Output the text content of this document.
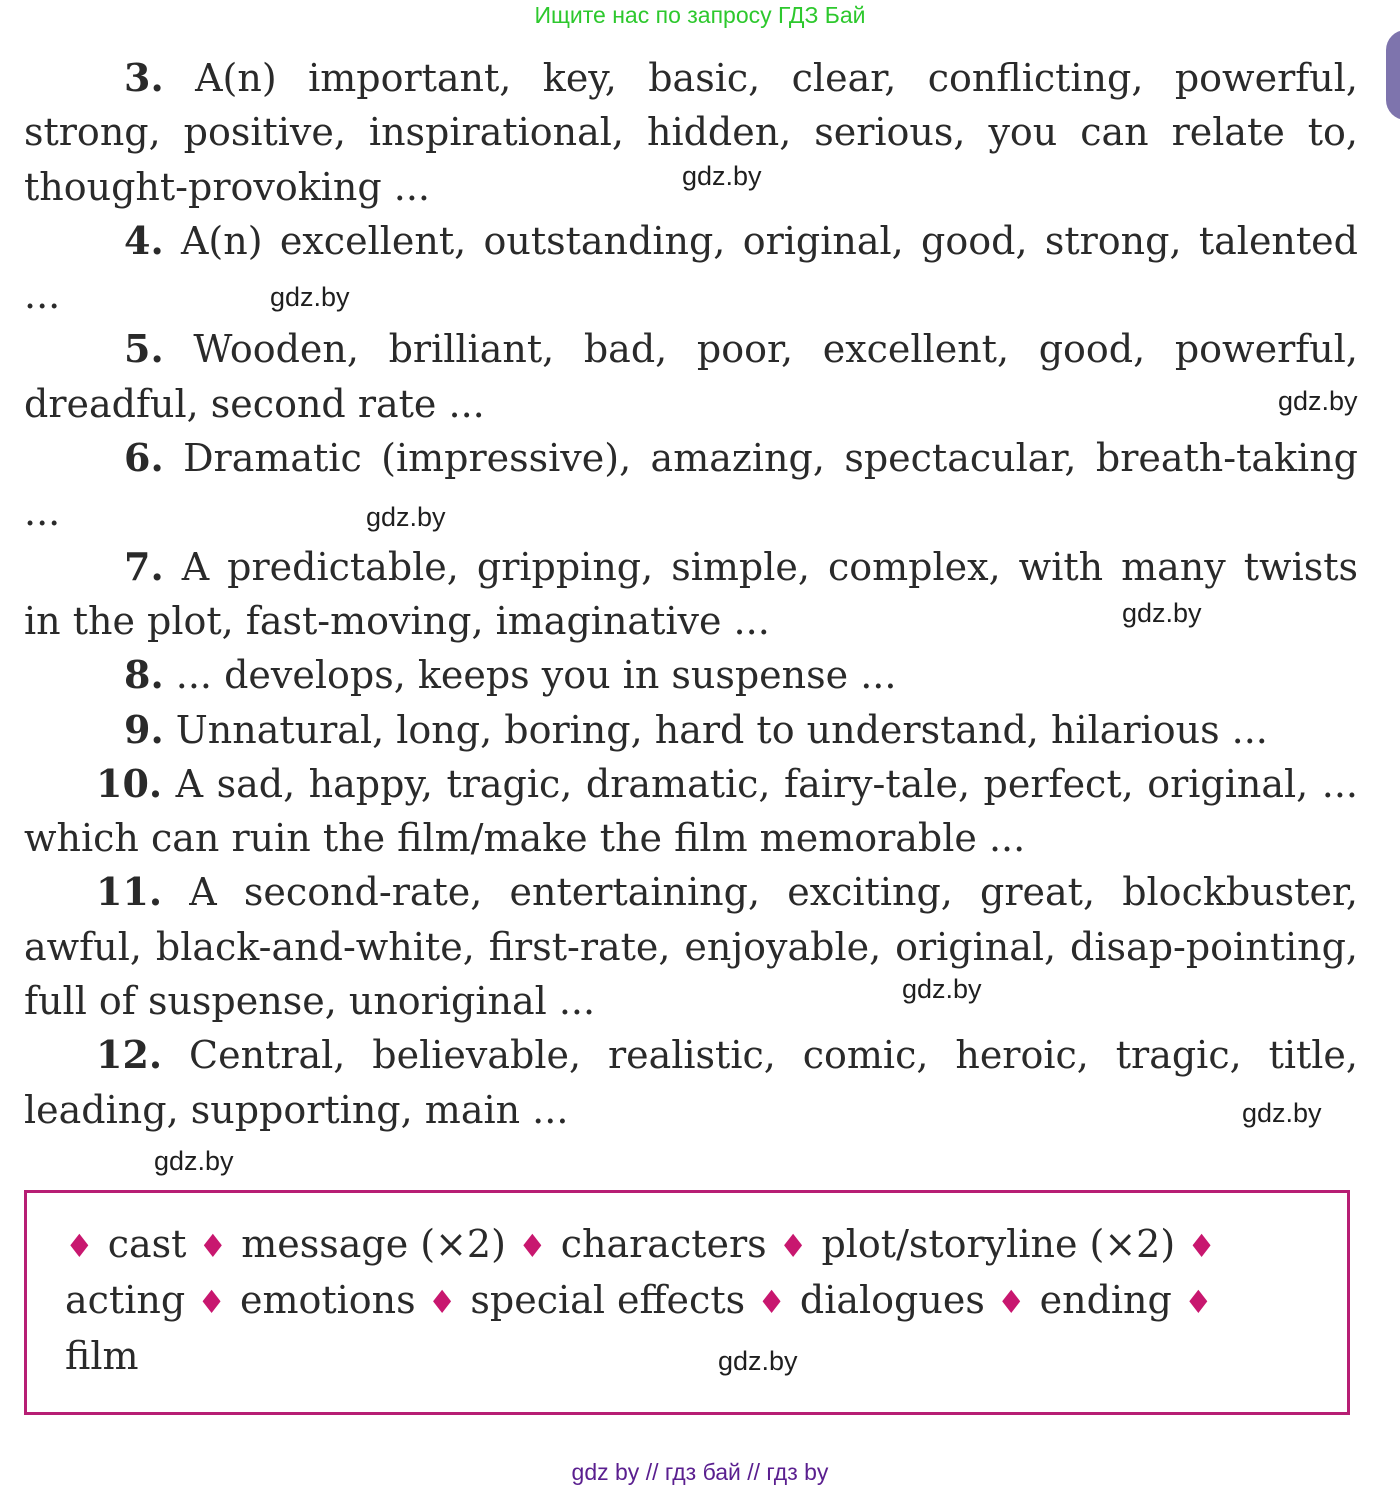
Ищите нас по запросу ГДЗ Бай

3. A(n) important, key, basic, clear, conflicting, powerful, strong, positive, inspirational, hidden, serious, you can relate to, thought-provoking ...

4. A(n) excellent, outstanding, original, good, strong, talented ...

5. Wooden, brilliant, bad, poor, excellent, good, powerful, dreadful, second rate ...

6. Dramatic (impressive), amazing, spectacular, breath-taking ...

7. A predictable, gripping, simple, complex, with many twists in the plot, fast-moving, imaginative ...

8. ... develops, keeps you in suspense ...

9. Unnatural, long, boring, hard to understand, hilarious ...

10. A sad, happy, tragic, dramatic, fairy-tale, perfect, original, ... which can ruin the film/make the film memorable ...

11. A second-rate, entertaining, exciting, great, blockbuster, awful, black-and-white, first-rate, enjoyable, original, disap-pointing, full of suspense, unoriginal ...

12. Central, believable, realistic, comic, heroic, tragic, title, leading, supporting, main ...

gdz.by
gdz.by
gdz.by
gdz.by
gdz.by
gdz.by
gdz.by
gdz.by

♦ cast ♦ message (×2) ♦ characters ♦ plot/storyline (×2) ♦
acting ♦ emotions ♦ special effects ♦ dialogues ♦ ending ♦
film	gdz.by
gdz by // гдз бай // гдз by
